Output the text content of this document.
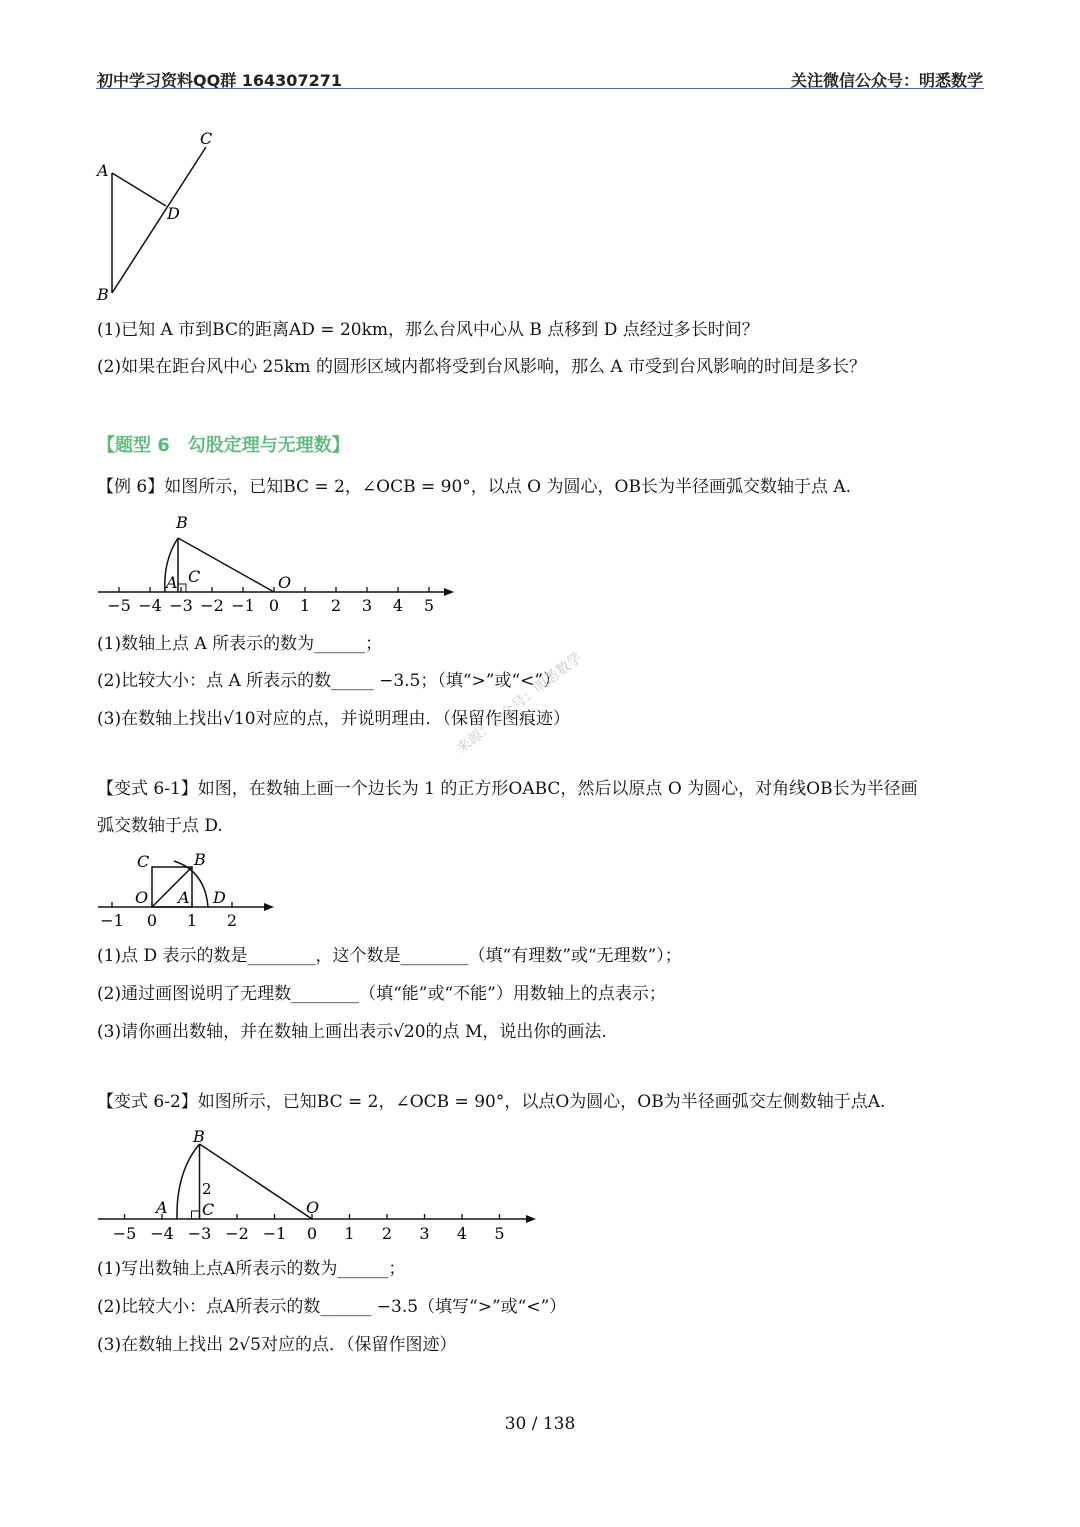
初中学习资料QQ群 164307271	关注微信公众号：明悉数学
C
A
D
B
(1)已知 A 市到BC的距离AD = 20km，那么台风中心从 B 点移到 D 点经过多长时间？
(2)如果在距台风中心 25km 的圆形区域内都将受到台风影响，那么 A 市受到台风影响的时间是多长？
【题型 6　勾股定理与无理数】
【例 6】如图所示，已知BC = 2，∠OCB = 90°，以点 O 为圆心，OB长为半径画弧交数轴于点 A.
−5 −4 −3 −2 −1 0 1 2 3 4 5
B
A C	O
(1)数轴上点 A 所表示的数为______；
(2)比较大小：点 A 所表示的数_____ −3.5；（填“>”或“<”）
(3)在数轴上找出√10对应的点，并说明理由．（保留作图痕迹）
【变式 6-1】如图，在数轴上画一个边长为 1 的正方形OABC，然后以原点 O 为圆心，对角线OB长为半径画
弧交数轴于点 D.
−1 0 1 2
C	B
O A D
(1)点 D 表示的数是________，这个数是________（填“有理数”或“无理数”）；
(2)通过画图说明了无理数________（填“能”或“不能”）用数轴上的点表示；
(3)请你画出数轴，并在数轴上画出表示√20的点 M，说出你的画法.
【变式 6-2】如图所示，已知BC = 2，∠OCB = 90°，以点O为圆心，OB为半径画弧交左侧数轴于点A.
−5 −4 −3 −2 −1 0 1 2 3 4 5
B
A
2
C	O
(1)写出数轴上点A所表示的数为______；
(2)比较大小：点A所表示的数______ −3.5（填写“>”或“<”）
(3)在数轴上找出 2√5对应的点．（保留作图迹）
来源：公众号：明悉数学
30 / 138
